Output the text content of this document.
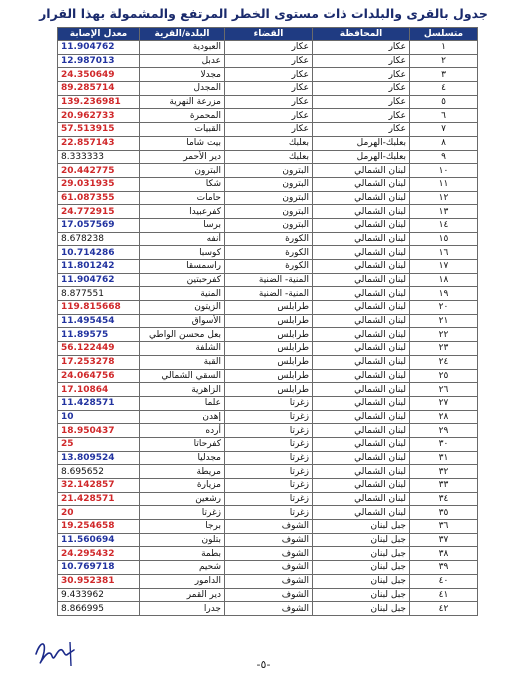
جدول بالقرى والبلدات ذات مستوى الخطر المرتفع والمشمولة بهذا القرار
متسلسل	المحافظة	القضاء	البلدة/القرية	معدل الإصابة
١	عكار	عكار	العبودية	11.904762
٢	عكار	عكار	عدبل	12.987013
٣	عكار	عكار	مجدلا	24.350649
٤	عكار	عكار	المجدل	89.285714
٥	عكار	عكار	مزرعة النهرية	139.236981
٦	عكار	عكار	المحمرة	20.962733
٧	عكار	عكار	القبيات	57.513915
٨	بعلبك-الهرمل	بعلبك	بيت شاما	22.857143
٩	بعلبك-الهرمل	بعلبك	دير الأحمر	8.333333
١٠	لبنان الشمالي	البترون	البترون	20.442775
١١	لبنان الشمالي	البترون	شكا	29.031935
١٢	لبنان الشمالي	البترون	حامات	61.087355
١٣	لبنان الشمالي	البترون	كفرعبيدا	24.772915
١٤	لبنان الشمالي	البترون	برسا	17.057569
١٥	لبنان الشمالي	الكورة	أنفه	8.678238
١٦	لبنان الشمالي	الكورة	كوسبا	10.714286
١٧	لبنان الشمالي	الكورة	راسمسقا	11.801242
١٨	لبنان الشمالي	المنية- الضنية	كفرحبتين	11.904762
١٩	لبنان الشمالي	المنية- الضنية	المنية	8.877551
٢٠	لبنان الشمالي	طرابلس	الزيتون	119.815668
٢١	لبنان الشمالي	طرابلس	الأسواق	11.495454
٢٢	لبنان الشمالي	طرابلس	بعل محسن الواطي	11.89575
٢٣	لبنان الشمالي	طرابلس	الشلفة	56.122449
٢٤	لبنان الشمالي	طرابلس	القبة	17.253278
٢٥	لبنان الشمالي	طرابلس	السقي الشمالي	24.064756
٢٦	لبنان الشمالي	طرابلس	الزاهرية	17.10864
٢٧	لبنان الشمالي	زغرتا	علما	11.428571
٢٨	لبنان الشمالي	زغرتا	إهدن	10
٢٩	لبنان الشمالي	زغرتا	أرده	18.950437
٣٠	لبنان الشمالي	زغرتا	كفرحاتا	25
٣١	لبنان الشمالي	زغرتا	مجدليا	13.809524
٣٢	لبنان الشمالي	زغرتا	مريطة	8.695652
٣٣	لبنان الشمالي	زغرتا	مزيارة	32.142857
٣٤	لبنان الشمالي	زغرتا	رشعين	21.428571
٣٥	لبنان الشمالي	زغرتا	زغرتا	20
٣٦	جبل لبنان	الشوف	برجا	19.254658
٣٧	جبل لبنان	الشوف	بتلون	11.560694
٣٨	جبل لبنان	الشوف	بطمة	24.295432
٣٩	جبل لبنان	الشوف	شحيم	10.769718
٤٠	جبل لبنان	الشوف	الدامور	30.952381
٤١	جبل لبنان	الشوف	دير القمر	9.433962
٤٢	جبل لبنان	الشوف	جدرا	8.866995
-٥-
